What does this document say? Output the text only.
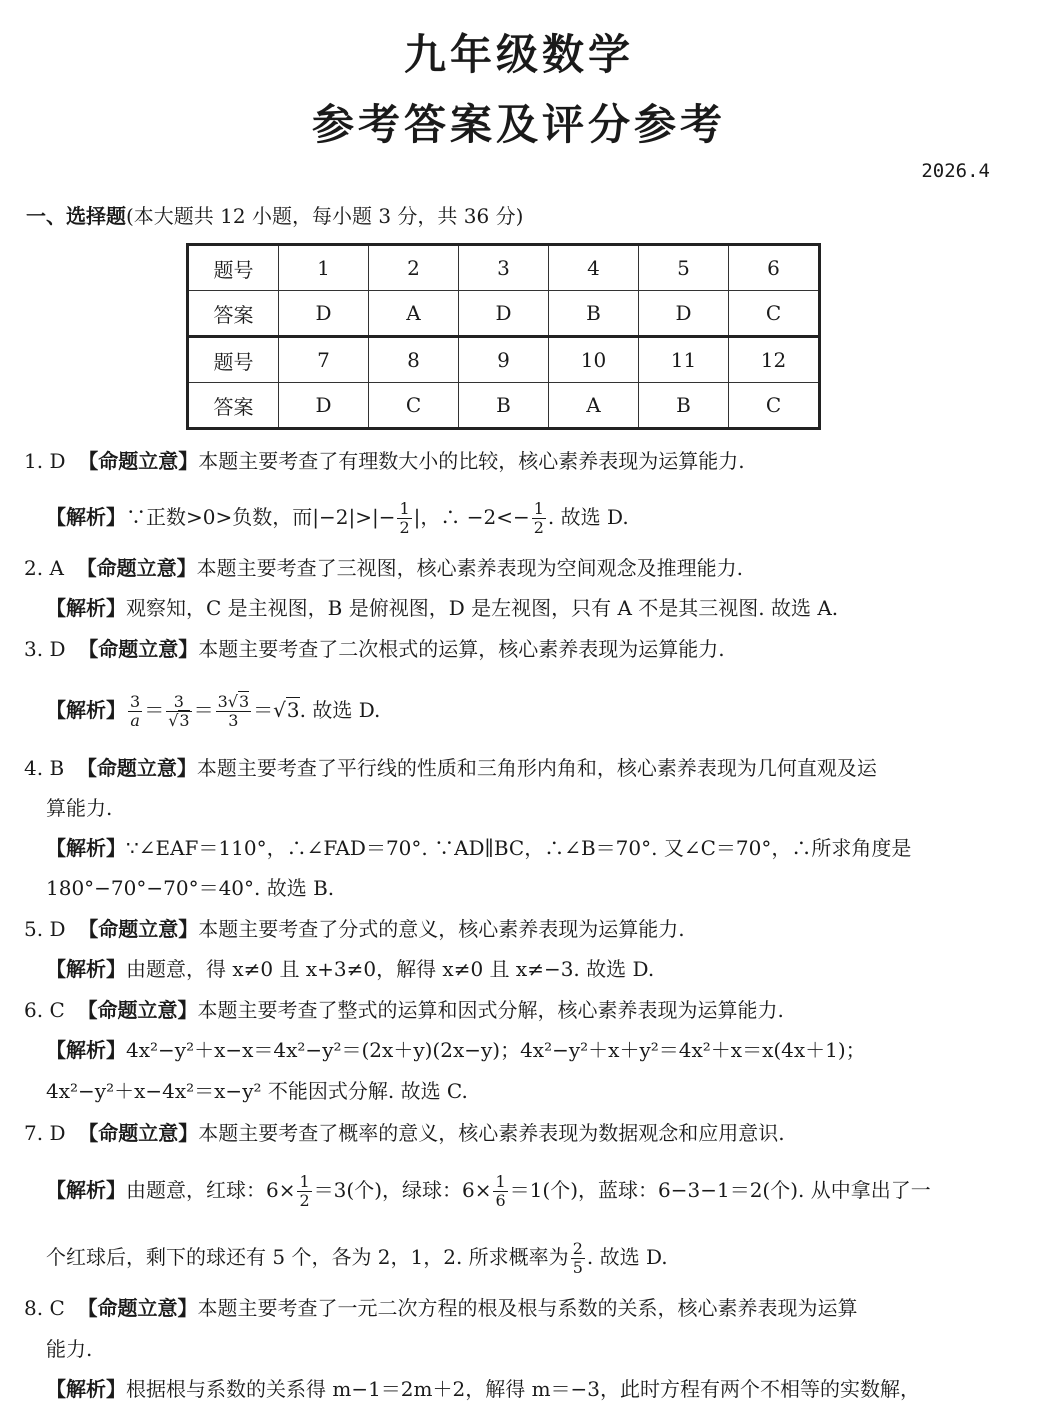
九年级数学
参考答案及评分参考
2026.4
一、选择题(本大题共 12 小题，每小题 3 分，共 36 分)
题号	1	2	3	4	5	6
答案	D	A	D	B	D	C
题号	7	8	9	10	11	12
答案	D	C	B	A	B	C
1. D 【命题立意】本题主要考查了有理数大小的比较，核心素养表现为运算能力.
【解析】∵正数>0>负数，而$|-2|>|- \frac{1}{2}$ |，∴ $-2<- \frac{1}{2}$ . 故选 D.
2. A 【命题立意】本题主要考查了三视图，核心素养表现为空间观念及推理能力.
【解析】观察知，C 是主视图，B 是俯视图，D 是左视图，只有 A 不是其三视图. 故选 A.
3. D 【命题立意】本题主要考查了二次根式的运算，核心素养表现为运算能力.
【解析】 $\frac{3}{a} = \frac{3}{√3} = \frac{3√3}{3} =√3$. 故选 D.
4. B 【命题立意】本题主要考查了平行线的性质和三角形内角和，核心素养表现为几何直观及运
算能力.
【解析】∵∠EAF＝110°，∴∠FAD＝70°. ∵AD∥BC，∴∠B＝70°. 又∠C＝70°，∴所求角度是
180°−70°−70°＝40°. 故选 B.
5. D 【命题立意】本题主要考查了分式的意义，核心素养表现为运算能力.
【解析】由题意，得 x≠0 且 x+3≠0，解得 x≠0 且 x≠−3. 故选 D.
6. C 【命题立意】本题主要考查了整式的运算和因式分解，核心素养表现为运算能力.
【解析】4x²−y²＋x−x＝4x²−y²＝(2x＋y)(2x−y)；4x²−y²＋x＋y²＝4x²＋x＝x(4x＋1)；
4x²−y²＋x−4x²＝x−y² 不能因式分解. 故选 C.
7. D 【命题立意】本题主要考查了概率的意义，核心素养表现为数据观念和应用意识.
【解析】由题意，红球：$6\times \frac{1}{2} =3$(个)，绿球：$6\times \frac{1}{6} =1$(个)，蓝球：6−3−1＝2(个). 从中拿出了一
个红球后，剩下的球还有 5 个，各为 2，1，2. 所求概率为 $\frac{2}{5}$ . 故选 D.
8. C 【命题立意】本题主要考查了一元二次方程的根及根与系数的关系，核心素养表现为运算
能力.
【解析】根据根与系数的关系得 m−1＝2m＋2，解得 m＝−3，此时方程有两个不相等的实数解，
